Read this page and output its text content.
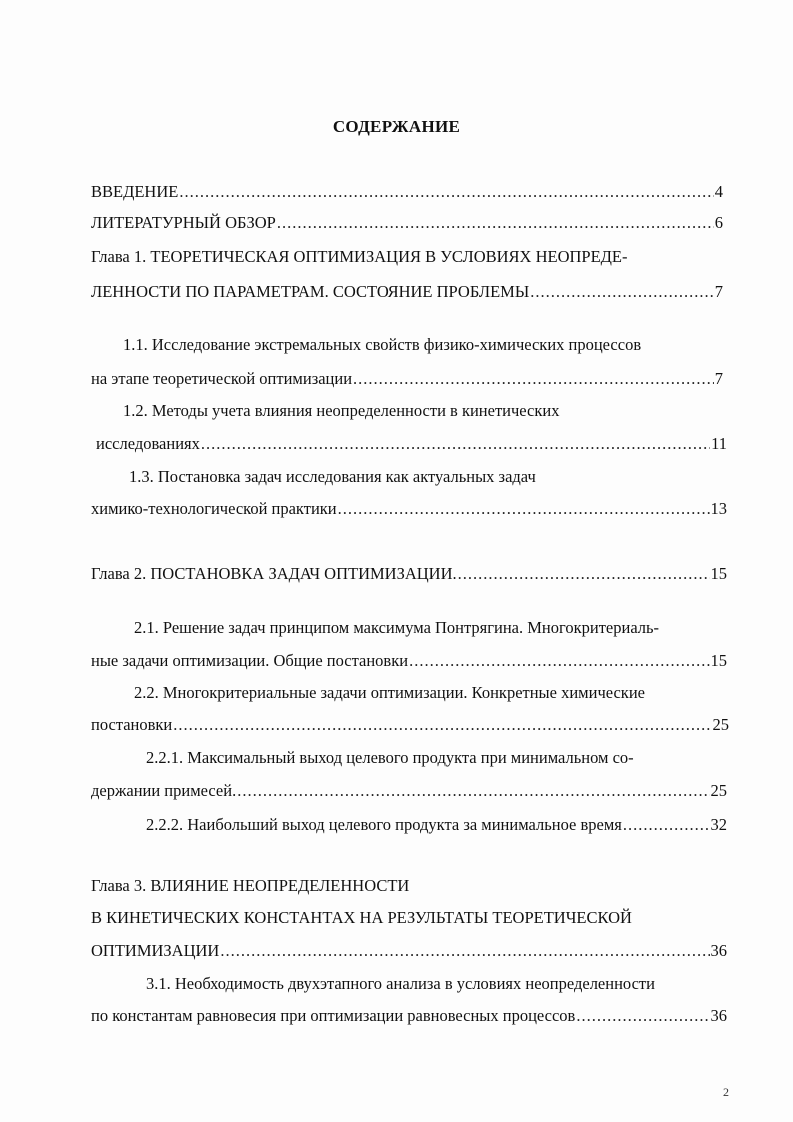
СОДЕРЖАНИЕ
ВВЕДЕНИЕ .....	4
ЛИТЕРАТУРНЫЙ ОБЗОР .....	6
Глава 1. ТЕОРЕТИЧЕСКАЯ ОПТИМИЗАЦИЯ В УСЛОВИЯХ НЕОПРЕДЕ-
ЛЕННОСТИ ПО ПАРАМЕТРАМ. СОСТОЯНИЕ ПРОБЛЕМЫ .....	7
1.1. Исследование экстремальных свойств физико-химических процессов
на этапе теоретической оптимизации .....	7
1.2. Методы учета влияния неопределенности в кинетических
исследованиях .....	11
1.3. Постановка задач исследования как актуальных задач
химико-технологической практики .....	13
Глава 2. ПОСТАНОВКА ЗАДАЧ ОПТИМИЗАЦИИ. .....	15
2.1. Решение задач принципом максимума Понтрягина. Многокритериаль-
ные задачи оптимизации. Общие постановки .....	15
2.2. Многокритериальные задачи оптимизации. Конкретные химические
постановки .....	25
2.2.1. Максимальный выход целевого продукта при минимальном со-
держании примесей. .....	25
2.2.2. Наибольший выход целевого продукта за минимальное время .....	32
Глава 3. ВЛИЯНИЕ НЕОПРЕДЕЛЕННОСТИ
В КИНЕТИЧЕСКИХ КОНСТАНТАХ НА РЕЗУЛЬТАТЫ ТЕОРЕТИЧЕСКОЙ
ОПТИМИЗАЦИИ .....	36
3.1. Необходимость двухэтапного анализа в условиях неопределенности
по константам равновесия при оптимизации равновесных процессов .....	36
2
